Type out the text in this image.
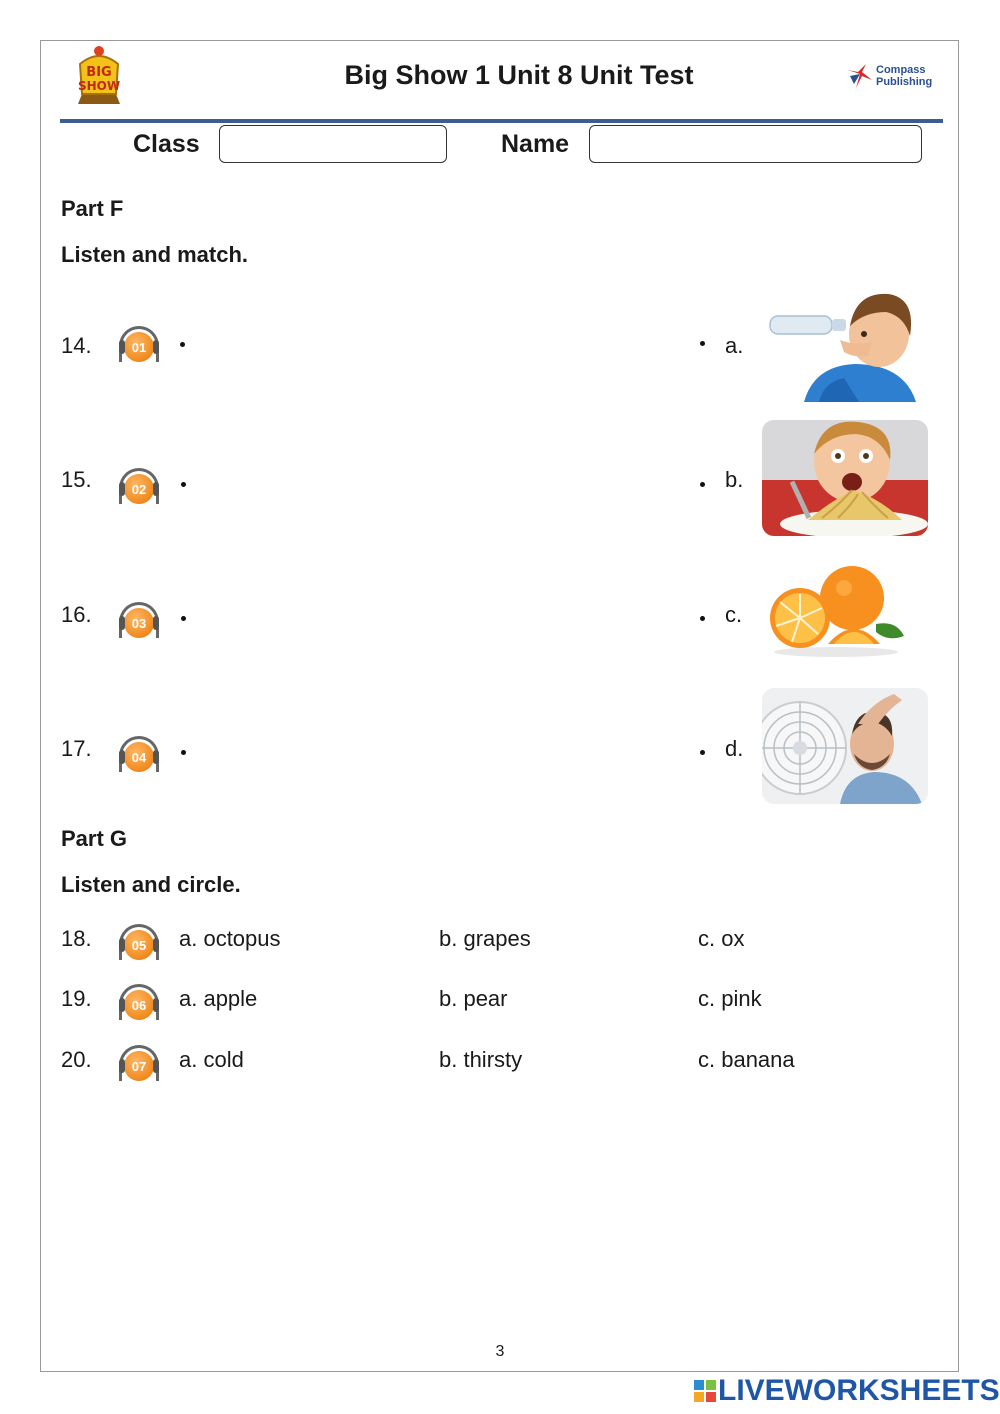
BIG
SHOW	Big Show 1 Unit 8 Unit Test	Compass
Publishing
Class	Name
Part F
Listen and match.
14.	01
15.	02
16.	03
17.	04
a.
b.
c.
d.
Part G
Listen and circle.
18.	05	a. octopus	b. grapes	c. ox
19.	06	a. apple	b. pear	c. pink
20.	07	a. cold	b. thirsty	c. banana
3
LIVEWORKSHEETS
